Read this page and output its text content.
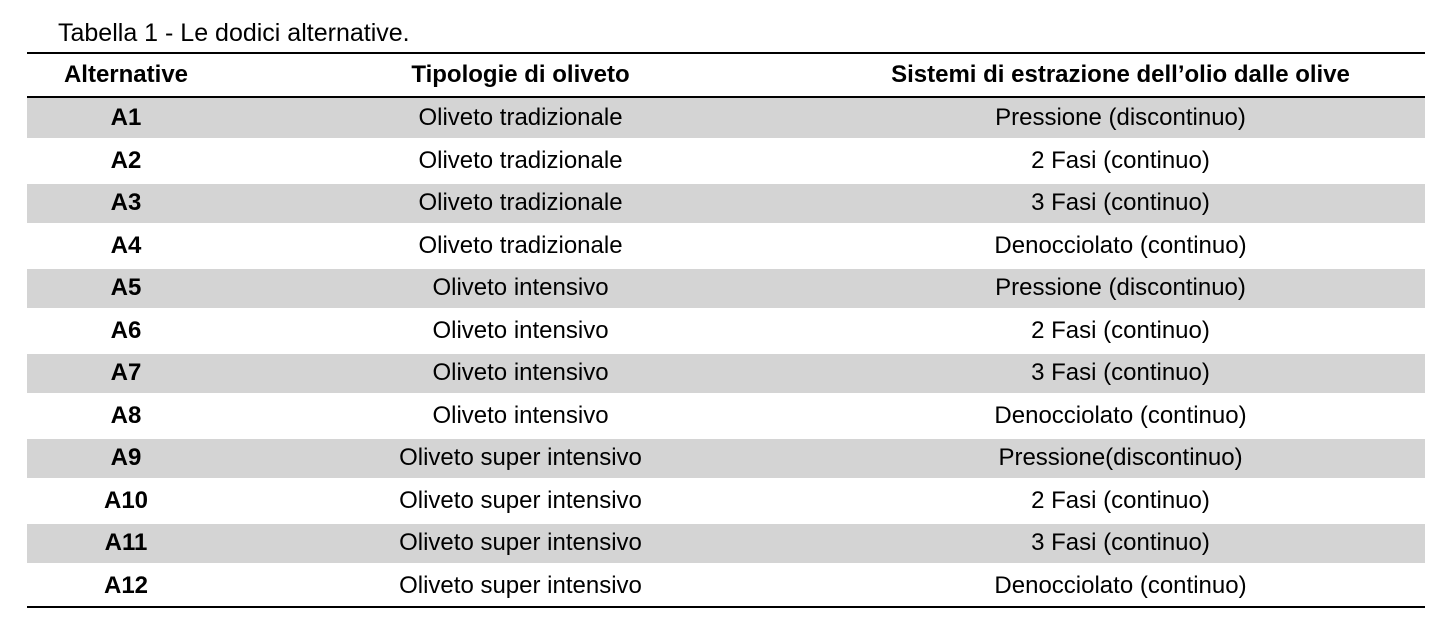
Tabella 1 - Le dodici alternative.
Alternative	Tipologie di oliveto	Sistemi di estrazione dell’olio dalle olive
A1	Oliveto tradizionale	Pressione (discontinuo)
A2	Oliveto tradizionale	2 Fasi (continuo)
A3	Oliveto tradizionale	3 Fasi (continuo)
A4	Oliveto tradizionale	Denocciolato (continuo)
A5	Oliveto intensivo	Pressione (discontinuo)
A6	Oliveto intensivo	2 Fasi (continuo)
A7	Oliveto intensivo	3 Fasi (continuo)
A8	Oliveto intensivo	Denocciolato (continuo)
A9	Oliveto super intensivo	Pressione(discontinuo)
A10	Oliveto super intensivo	2 Fasi (continuo)
A11	Oliveto super intensivo	3 Fasi (continuo)
A12	Oliveto super intensivo	Denocciolato (continuo)
